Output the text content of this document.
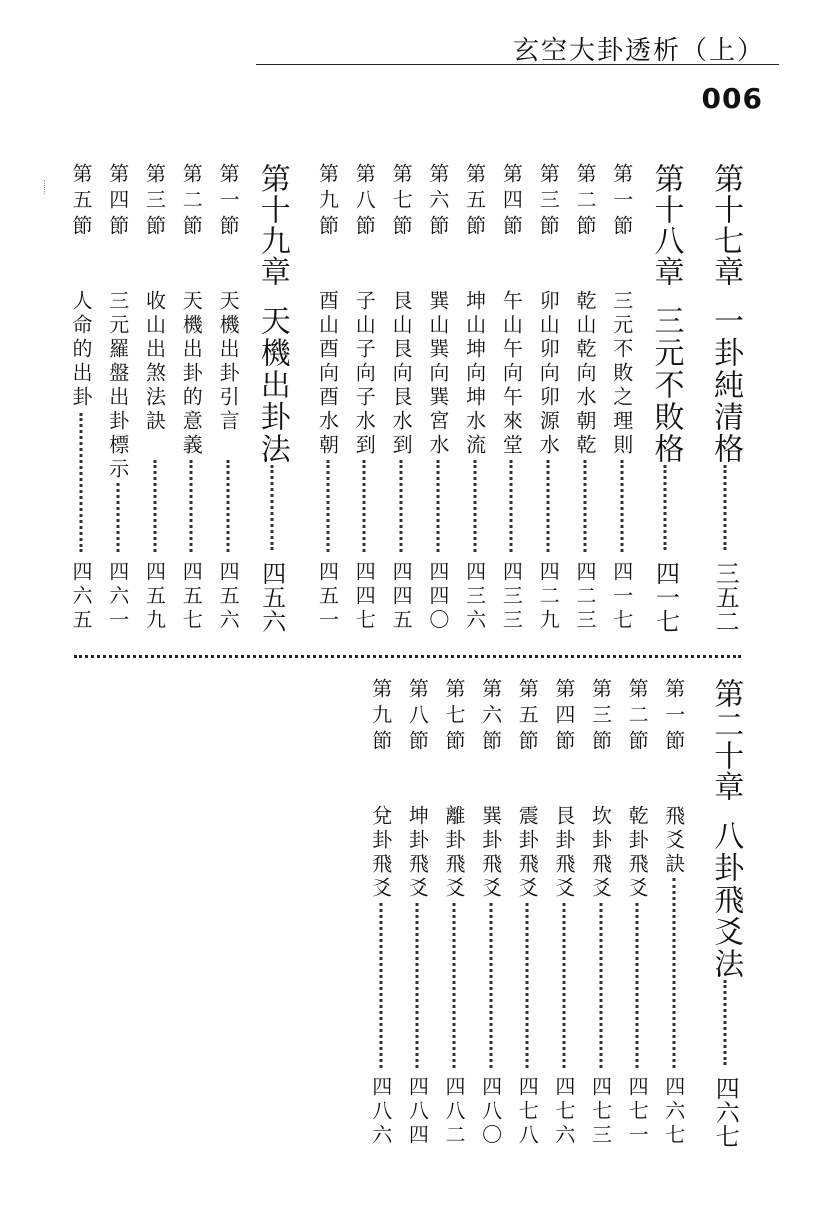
玄空大卦透析（上）
006
第十七章
一卦純清格
三五二
第十八章
三元不敗格
四一七
第一節
三元不敗之理則
四一七
第二節
乾山乾向水朝乾
四二三
第三節
卯山卯向卯源水
四二九
第四節
午山午向午來堂
四三三
第五節
坤山坤向坤水流
四三六
第六節
巽山巽向巽宮水
四四〇
第七節
艮山艮向艮水到
四四五
第八節
子山子向子水到
四四七
第九節
酉山酉向酉水朝
四五一
第十九章
天機出卦法
四五六
第一節
天機出卦引言
四五六
第二節
天機出卦的意義
四五七
第三節
收山出煞法訣
四五九
第四節
三元羅盤出卦標示
四六一
第五節
人命的出卦
四六五
第二十章
八卦飛爻法
四六七
第一節
飛爻訣
四六七
第二節
乾卦飛爻
四七一
第三節
坎卦飛爻
四七三
第四節
艮卦飛爻
四七六
第五節
震卦飛爻
四七八
第六節
巽卦飛爻
四八〇
第七節
離卦飛爻
四八二
第八節
坤卦飛爻
四八四
第九節
兌卦飛爻
四八六
